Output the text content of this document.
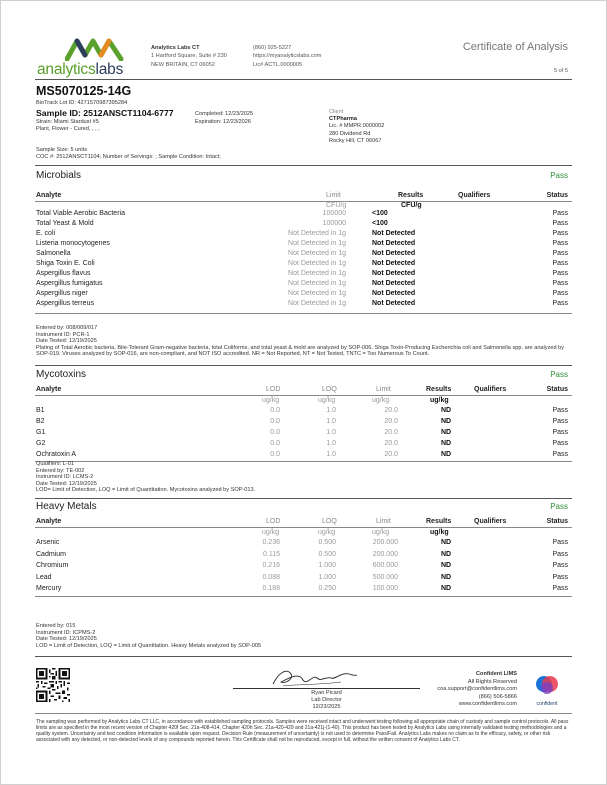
analyticslabs
Analytics Labs CT
1 Hartford Square, Suite # 230
NEW BRITAIN, CT 06052
(860) 925-5227
https://myanalyticslabs.com
Lic# ACTL.0000005
Certificate of Analysis
5 of 5
MS5070125-14G
BioTrack Lot ID: 4271570987395284
Sample ID: 2512ANSCT1104-6777
Strain: Miami Stardust #5
Plant, Flower - Cured, , , ,
Completed: 12/23/2025
Expiration: 12/23/2026
Client
CTPharma
Lic. # MMPR.0000002
280 Dividend Rd
Rocky Hill, CT 06067
Sample Size: 5 units
COC #: 2512ANSCT1104; Number of Servings: ; Sample Condition: Intact;
Microbials	Pass
Analyte	Limit	Results	Qualifiers	Status
CFU/g	CFU/g
Total Viable Aerobic Bacteria	100000	<100	Pass
Total Yeast & Mold	100000	<100	Pass
E. coli	Not Detected in 1g	Not Detected	Pass
Listeria monocytogenes	Not Detected in 1g	Not Detected	Pass
Salmonella	Not Detected in 1g	Not Detected	Pass
Shiga Toxin E. Coli	Not Detected in 1g	Not Detected	Pass
Aspergillus flavus	Not Detected in 1g	Not Detected	Pass
Aspergillus fumigatus	Not Detected in 1g	Not Detected	Pass
Aspergillus niger	Not Detected in 1g	Not Detected	Pass
Aspergillus terreus	Not Detected in 1g	Not Detected	Pass
Entered by: 008/009/017
Instrument ID: PCR-1
Date Tested: 12/19/2025
Plating of Total Aerobic bacteria, Bile-Tolerant Gram-negative bacteria, total Coliforms, and total yeast & mold are analyzed by SOP-006. Shiga Toxin-Producing Escherichia coli and Salmonella spp. are analyzed by SOP-019. Viruses analyzed by SOP-016, are non-compliant, and NOT ISO accredited. NR = Not Reported, NT = Not Tested, TNTC = Too Numerous To Count.
Mycotoxins	Pass
Analyte	LOD	LOQ	Limit	Results	Qualifiers	Status
ug/kg	ug/kg	ug/kg	ug/kg
B1	0.0	1.0	20.0	ND	Pass
B2	0.0	1.0	20.0	ND	Pass
G1	0.0	1.0	20.0	ND	Pass
G2	0.0	1.0	20.0	ND	Pass
Ochratoxin A	0.0	1.0	20.0	ND	Pass
Qualifiers: L-01
Entered by: TE-002
Instrument ID: LCMS-2
Date Tested: 12/19/2025
LOD= Limit of Detection, LOQ = Limit of Quantitation. Mycotoxins analyzed by SOP-013.
Heavy Metals	Pass
Analyte	LOD	LOQ	Limit	Results	Qualifiers	Status
ug/kg	ug/kg	ug/kg	ug/kg
Arsenic	0.236	0.500	200.000	ND	Pass
Cadmium	0.115	0.500	200.000	ND	Pass
Chromium	0.216	1.000	600.000	ND	Pass
Lead	0.088	1.000	500.000	ND	Pass
Mercury	0.188	0.250	100.000	ND	Pass
Entered by: 015
Instrument ID: ICPMS-2
Date Tested: 12/19/2025
LOD = Limit of Detection, LOQ = Limit of Quantitation. Heavy Metals analyzed by SOP-005
Ryan Picard
Lab Director
12/23/2025
Confident LIMS
All Rights Reserved
coa.support@confidentlims.com
(866) 506-5866
www.confidentlims.com	confident
The sampling was performed by Analytics Labs CT LLC, in accordance with established sampling protocols. Samples were received intact and underwent testing following all appropriate chain of custody and sample control protocols. All pass limits are as specified in the most recent version of Chapter 420f Sec. 21a-408-414, Chapter 420h Sec. 21a-420-429 and 21a-421j-(1-40). This product has been tested by Analytics Labs using internally validated testing methodologies and a quality system. Uncertainty and test condition information is available upon request. Decision Rule (measurement of uncertainty) is not used to determine Pass/Fail. Analytics Labs makes no claim as to the efficacy, safety, or other risk associated with any detected, or non-detected levels of any compounds reported herein. This Certificate shall not be reproduced, except in full, without the written consent of Analytics Labs CT.
